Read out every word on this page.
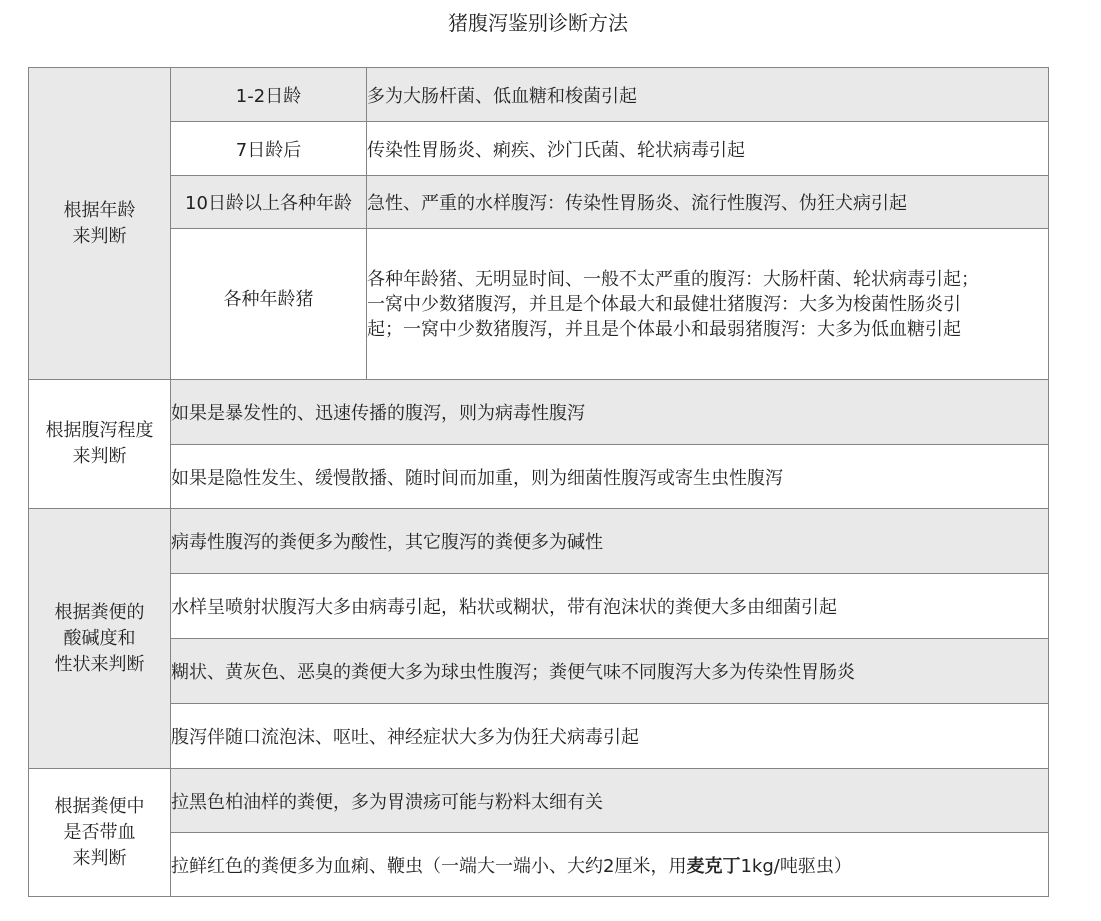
猪腹泻鉴别诊断方法
根据年龄
来判断	1-2日龄	多为大肠杆菌、低血糖和梭菌引起
	7日龄后	传染性胃肠炎、痢疾、沙门氏菌、轮状病毒引起
	10日龄以上各种年龄	急性、严重的水样腹泻：传染性胃肠炎、流行性腹泻、伪狂犬病引起
	各种年龄猪	各种年龄猪、无明显时间、一般不太严重的腹泻：大肠杆菌、轮状病毒引起；
一窝中少数猪腹泻，并且是个体最大和最健壮猪腹泻：大多为梭菌性肠炎引
起；一窝中少数猪腹泻，并且是个体最小和最弱猪腹泻：大多为低血糖引起

根据腹泻程度
来判断	如果是暴发性的、迅速传播的腹泻，则为病毒性腹泻	
	如果是隐性发生、缓慢散播、随时间而加重，则为细菌性腹泻或寄生虫性腹泻	

根据粪便的
酸碱度和
性状来判断	病毒性腹泻的粪便多为酸性，其它腹泻的粪便多为碱性	
	水样呈喷射状腹泻大多由病毒引起，粘状或糊状，带有泡沫状的粪便大多由细菌引起	
	糊状、黄灰色、恶臭的粪便大多为球虫性腹泻；粪便气味不同腹泻大多为传染性胃肠炎	
	腹泻伴随口流泡沫、呕吐、神经症状大多为伪狂犬病毒引起	

根据粪便中
是否带血
来判断	拉黑色柏油样的粪便，多为胃溃疡可能与粉料太细有关	
	拉鲜红色的粪便多为血痢、鞭虫（一端大一端小、大约2厘米，用麦克丁1kg/吨驱虫）	
